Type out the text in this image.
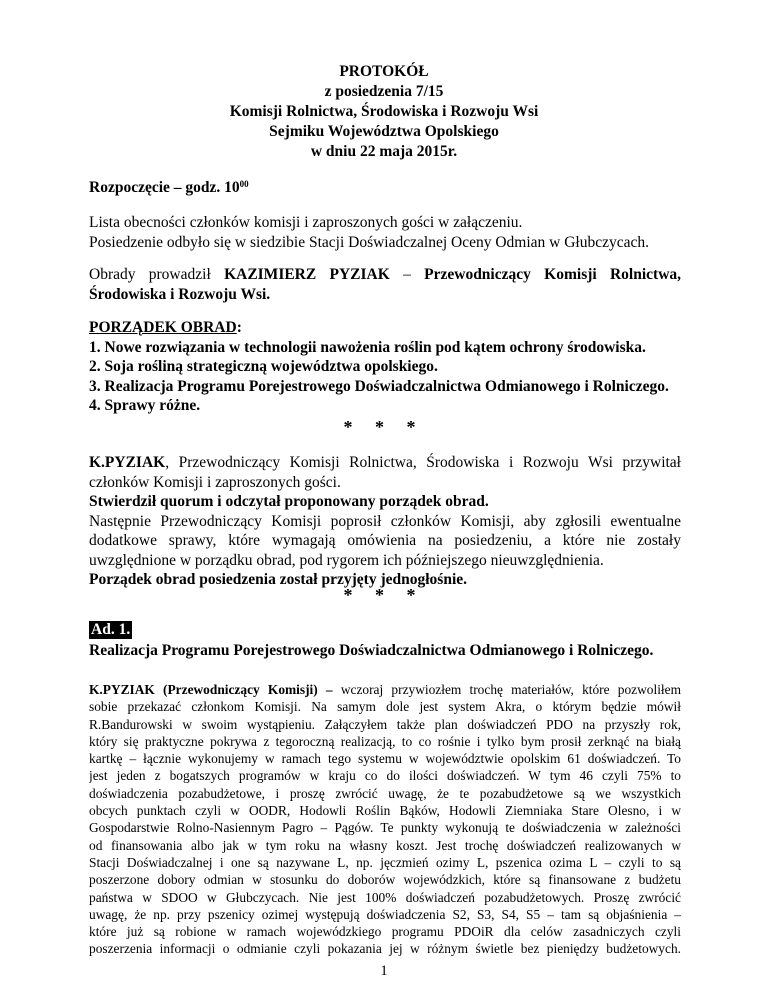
PROTOKÓŁ
z posiedzenia 7/15
Komisji Rolnictwa, Środowiska i Rozwoju Wsi
Sejmiku Województwa Opolskiego
w dniu 22 maja 2015r.
Rozpoczęcie – godz. $10^{00}$
Lista obecności członków komisji i zaproszonych gości w załączeniu.
Posiedzenie odbyło się w siedzibie Stacji Doświadczalnej Oceny Odmian w Głubczycach.
Obrady prowadził KAZIMIERZ PYZIAK – Przewodniczący Komisji Rolnictwa,
Środowiska i Rozwoju Wsi.
PORZĄDEK OBRAD:
1. Nowe rozwiązania w technologii nawożenia roślin pod kątem ochrony środowiska.
2. Soja rośliną strategiczną województwa opolskiego.
3. Realizacja Programu Porejestrowego Doświadczalnictwa Odmianowego i Rolniczego.
4. Sprawy różne.
* * *
K.PYZIAK, Przewodniczący Komisji Rolnictwa, Środowiska i Rozwoju Wsi przywitał
członków Komisji i zaproszonych gości.
Stwierdził quorum i odczytał proponowany porządek obrad.
Następnie Przewodniczący Komisji poprosił członków Komisji, aby zgłosili ewentualne
dodatkowe sprawy, które wymagają omówienia na posiedzeniu, a które nie zostały
uwzględnione w porządku obrad, pod rygorem ich późniejszego nieuwzględnienia.
Porządek obrad posiedzenia został przyjęty jednogłośnie.
* * *
Ad. 1.
Realizacja Programu Porejestrowego Doświadczalnictwa Odmianowego i Rolniczego.
K.PYZIAK (Przewodniczący Komisji) – wczoraj przywiozłem trochę materiałów, które pozwoliłem
sobie przekazać członkom Komisji. Na samym dole jest system Akra, o którym będzie mówił
R.Bandurowski w swoim wystąpieniu. Załączyłem także plan doświadczeń PDO na przyszły rok,
który się praktyczne pokrywa z tegoroczną realizacją, to co rośnie i tylko bym prosił zerknąć na białą
kartkę – łącznie wykonujemy w ramach tego systemu w województwie opolskim 61 doświadczeń. To
jest jeden z bogatszych programów w kraju co do ilości doświadczeń. W tym 46 czyli 75% to
doświadczenia pozabudżetowe, i proszę zwrócić uwagę, że te pozabudżetowe są we wszystkich
obcych punktach czyli w OODR, Hodowli Roślin Bąków, Hodowli Ziemniaka Stare Olesno, i w
Gospodarstwie Rolno-Nasiennym Pagro – Pągów. Te punkty wykonują te doświadczenia w zależności
od finansowania albo jak w tym roku na własny koszt. Jest trochę doświadczeń realizowanych w
Stacji Doświadczalnej i one są nazywane L, np. jęczmień ozimy L, pszenica ozima L – czyli to są
poszerzone dobory odmian w stosunku do doborów wojewódzkich, które są finansowane z budżetu
państwa w SDOO w Głubczycach. Nie jest 100% doświadczeń pozabudżetowych. Proszę zwrócić
uwagę, że np. przy pszenicy ozimej występują doświadczenia S2, S3, S4, S5 – tam są objaśnienia –
które już są robione w ramach wojewódzkiego programu PDOiR dla celów zasadniczych czyli
poszerzenia informacji o odmianie czyli pokazania jej w różnym świetle bez pieniędzy budżetowych.
1
